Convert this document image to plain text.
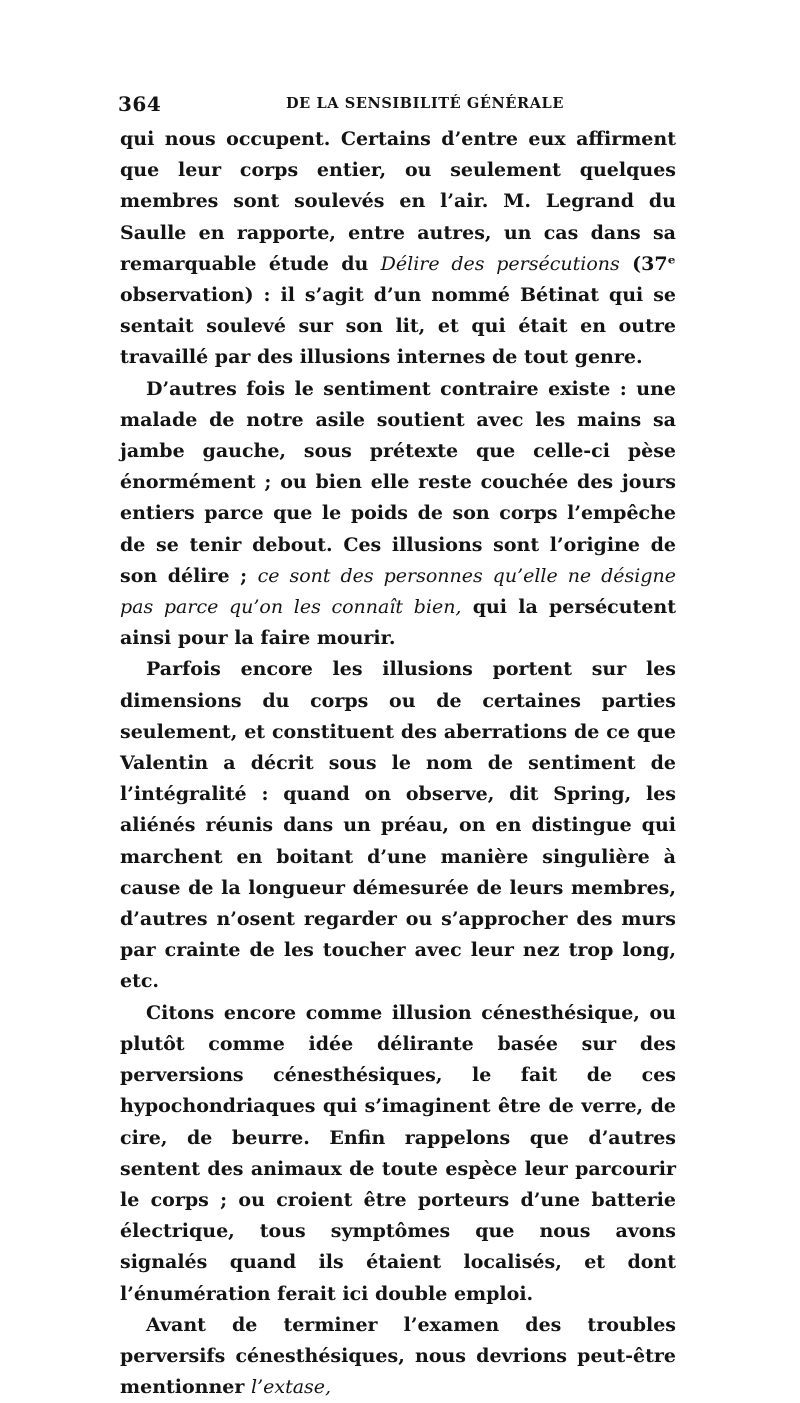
364	DE LA SENSIBILITÉ GÉNÉRALE

qui nous occupent. Certains d’entre eux affirment que leur corps entier, ou seulement quelques membres sont soulevés en l’air. M. Legrand du Saulle en rapporte, entre autres, un cas dans sa remarquable étude du Délire des persécutions (37ᵉ observation) : il s’agit d’un nommé Bétinat qui se sentait soulevé sur son lit, et qui était en outre travaillé par des illusions internes de tout genre.

D’autres fois le sentiment contraire existe : une malade de notre asile soutient avec les mains sa jambe gauche, sous prétexte que celle-ci pèse énormément ; ou bien elle reste couchée des jours entiers parce que le poids de son corps l’empêche de se tenir debout. Ces illusions sont l’origine de son délire ; ce sont des personnes qu’elle ne désigne pas parce qu’on les connaît bien, qui la persécutent ainsi pour la faire mourir.

Parfois encore les illusions portent sur les dimensions du corps ou de certaines parties seulement, et constituent des aberrations de ce que Valentin a décrit sous le nom de sentiment de l’intégralité : quand on observe, dit Spring, les aliénés réunis dans un préau, on en distingue qui marchent en boitant d’une manière singulière à cause de la longueur démesurée de leurs membres, d’autres n’osent regarder ou s’approcher des murs par crainte de les toucher avec leur nez trop long, etc.

Citons encore comme illusion cénesthésique, ou plutôt comme idée délirante basée sur des perversions cénesthésiques, le fait de ces hypochondriaques qui s’imaginent être de verre, de cire, de beurre. Enfin rappelons que d’autres sentent des animaux de toute espèce leur parcourir le corps ; ou croient être porteurs d’une batterie électrique, tous symptômes que nous avons signalés quand ils étaient localisés, et dont l’énumération ferait ici double emploi.

Avant de terminer l’examen des troubles perversifs cénesthésiques, nous devrions peut-être mentionner l’extase,
